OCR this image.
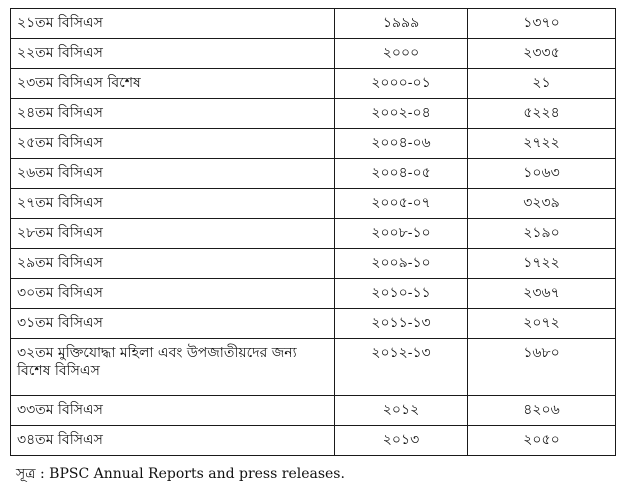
২১তম বিসিএস	১৯৯৯	১৩৭০
২২তম বিসিএস	২০০০	২৩৩৫
২৩তম বিসিএস বিশেষ	২০০০-০১	২১
২৪তম বিসিএস	২০০২-০৪	৫২২৪
২৫তম বিসিএস	২০০৪-০৬	২৭২২
২৬তম বিসিএস	২০০৪-০৫	১০৬৩
২৭তম বিসিএস	২০০৫-০৭	৩২৩৯
২৮তম বিসিএস	২০০৮-১০	২১৯০
২৯তম বিসিএস	২০০৯-১০	১৭২২
৩০তম বিসিএস	২০১০-১১	২৩৬৭
৩১তম বিসিএস	২০১১-১৩	২০৭২
৩২তম মুক্তিযোদ্ধা মহিলা এবং উপজাতীয়দের জন্য বিশেষ বিসিএস	২০১২-১৩	১৬৮০
৩৩তম বিসিএস	২০১২	৪২০৬
৩৪তম বিসিএস	২০১৩	২০৫০
সূত্র : BPSC Annual Reports and press releases.
